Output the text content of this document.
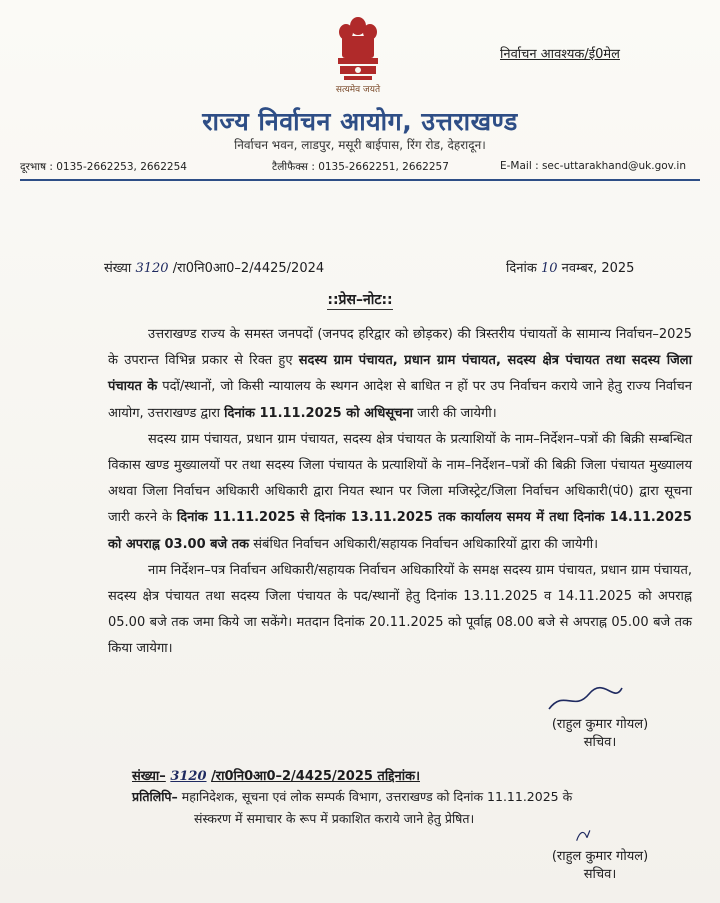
सत्यमेव जयते
निर्वाचन आवश्यक/ई0मेल
राज्य निर्वाचन आयोग, उत्तराखण्ड
निर्वाचन भवन, लाडपुर, मसूरी बाईपास, रिंग रोड, देहरादून।
दूरभाष : 0135-2662253, 2662254	टैलीफैक्स : 0135-2662251, 2662257	E-Mail : sec-uttarakhand@uk.gov.in
संख्या 3120 /रा0नि0आ0–2/4425/2024	दिनांक 10 नवम्बर, 2025
::प्रेस–नोट::

उत्तराखण्ड राज्य के समस्त जनपदों (जनपद हरिद्वार को छोड़कर) की त्रिस्तरीय पंचायतों के सामान्य निर्वाचन–2025 के उपरान्त विभिन्न प्रकार से रिक्त हुए सदस्य ग्राम पंचायत, प्रधान ग्राम पंचायत, सदस्य क्षेत्र पंचायत तथा सदस्य जिला पंचायत के पदों/स्थानों, जो किसी न्यायालय के स्थगन आदेश से बाधित न हों पर उप निर्वाचन कराये जाने हेतु राज्य निर्वाचन आयोग, उत्तराखण्ड द्वारा दिनांक 11.11.2025 को अधिसूचना जारी की जायेगी।

सदस्य ग्राम पंचायत, प्रधान ग्राम पंचायत, सदस्य क्षेत्र पंचायत के प्रत्याशियों के नाम–निर्देशन–पत्रों की बिक्री सम्बन्धित विकास खण्ड मुख्यालयों पर तथा सदस्य जिला पंचायत के प्रत्याशियों के नाम–निर्देशन–पत्रों की बिक्री जिला पंचायत मुख्यालय अथवा जिला निर्वाचन अधिकारी अधिकारी द्वारा नियत स्थान पर जिला मजिस्ट्रेट/जिला निर्वाचन अधिकारी(पं0) द्वारा सूचना जारी करने के दिनांक 11.11.2025 से दिनांक 13.11.2025 तक कार्यालय समय में तथा दिनांक 14.11.2025 को अपराह्न 03.00 बजे तक संबंधित निर्वाचन अधिकारी/सहायक निर्वाचन अधिकारियों द्वारा की जायेगी।

नाम निर्देशन–पत्र निर्वाचन अधिकारी/सहायक निर्वाचन अधिकारियों के समक्ष सदस्य ग्राम पंचायत, प्रधान ग्राम पंचायत, सदस्य क्षेत्र पंचायत तथा सदस्य जिला पंचायत के पद/स्थानों हेतु दिनांक 13.11.2025 व 14.11.2025 को अपराह्न 05.00 बजे तक जमा किये जा सकेंगे। मतदान दिनांक 20.11.2025 को पूर्वाह्न 08.00 बजे से अपराह्न 05.00 बजे तक किया जायेगा।

(राहुल कुमार गोयल)
सचिव।
संख्या– 3120 /रा0नि0आ0–2/4425/2025 तद्दिनांक।
प्रतिलिपि– महानिदेशक, सूचना एवं लोक सम्पर्क विभाग, उत्तराखण्ड को दिनांक 11.11.2025 के
संस्करण में समाचार के रूप में प्रकाशित कराये जाने हेतु प्रेषित।
(राहुल कुमार गोयल)
सचिव।
